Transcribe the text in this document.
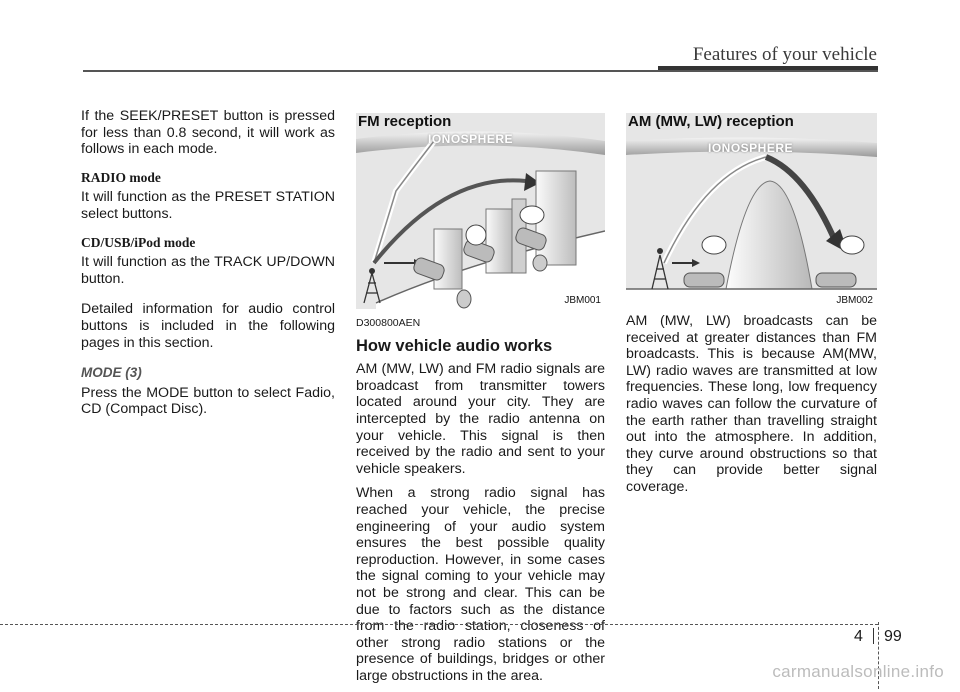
Features of your vehicle

If the SEEK/PRESET button is pressed for less than 0.8 second, it will work as follows in each mode.

RADIO mode

It will function as the PRESET STATION select buttons.

CD/USB/iPod mode

It will function as the TRACK UP/DOWN button.

Detailed information for audio control buttons is included in the following pages in this section.

MODE (3)

Press the MODE button to select Fadio, CD (Compact Disc).

IONOSPHERE
FM reception
JBM001
IONOSPHERE
AM (MW, LW) reception
JBM002
D300800AEN
How vehicle audio works

AM (MW, LW) and FM radio signals are broadcast from transmitter towers located around your city. They are intercepted by the radio antenna on your vehicle. This signal is then received by the radio and sent to your vehicle speakers.

When a strong radio signal has reached your vehicle, the precise engineering of your audio system ensures the best possible quality reproduction. However, in some cases the signal coming to your vehicle may not be strong and clear. This can be due to factors such as the distance from the radio station, closeness of other strong radio stations or the presence of buildings, bridges or other large obstructions in the area.

AM (MW, LW) broadcasts can be received at greater distances than FM broadcasts. This is because AM(MW, LW) radio waves are transmitted at low frequencies. These long, low frequency radio waves can follow the curvature of the earth rather than travelling straight out into the atmosphere. In addition, they curve around obstructions so that they can provide better signal coverage.

4 99
carmanualsonline.info
